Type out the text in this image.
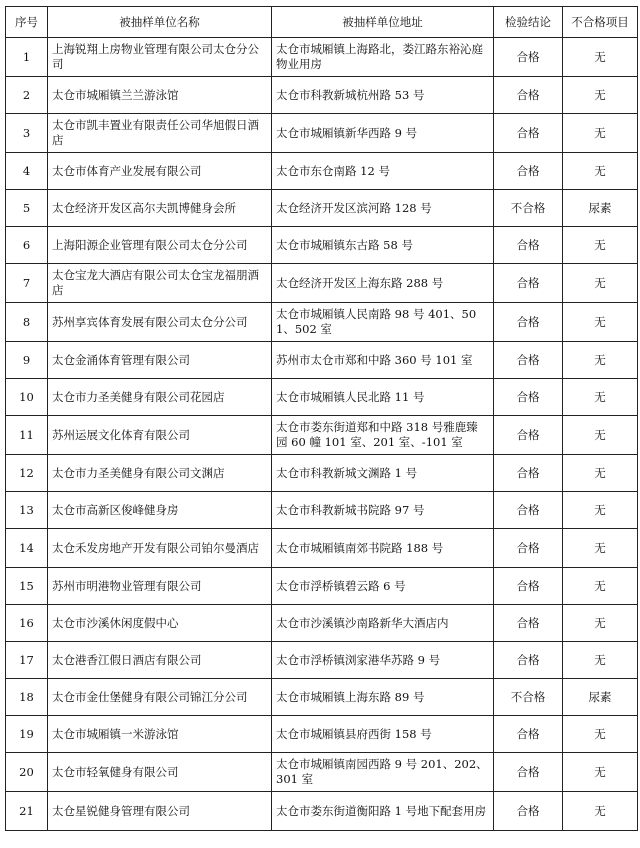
序号	被抽样单位名称	被抽样单位地址	检验结论	不合格项目
1	上海锐翔上房物业管理有限公司太仓分公司	太仓市城厢镇上海路北，娄江路东裕沁庭物业用房	合格	无
2	太仓市城厢镇兰兰游泳馆	太仓市科教新城杭州路 53 号	合格	无
3	太仓市凯丰置业有限责任公司华旭假日酒店	太仓市城厢镇新华西路 9 号	合格	无
4	太仓市体育产业发展有限公司	太仓市东仓南路 12 号	合格	无
5	太仓经济开发区高尔夫凯博健身会所	太仓经济开发区滨河路 128 号	不合格	尿素
6	上海阳源企业管理有限公司太仓分公司	太仓市城厢镇东古路 58 号	合格	无
7	太仓宝龙大酒店有限公司太仓宝龙福朋酒店	太仓经济开发区上海东路 288 号	合格	无
8	苏州享宾体育发展有限公司太仓分公司	太仓市城厢镇人民南路 98 号 401、501、502 室	合格	无
9	太仓金涌体育管理有限公司	苏州市太仓市郑和中路 360 号 101 室	合格	无
10	太仓市力圣美健身有限公司花园店	太仓市城厢镇人民北路 11 号	合格	无
11	苏州运展文化体育有限公司	太仓市娄东街道郑和中路 318 号雅鹿臻园 60 幢 101 室、201 室、-101 室	合格	无
12	太仓市力圣美健身有限公司文渊店	太仓市科教新城文渊路 1 号	合格	无
13	太仓市高新区俊峰健身房	太仓市科教新城书院路 97 号	合格	无
14	太仓禾发房地产开发有限公司铂尔曼酒店	太仓市城厢镇南郊书院路 188 号	合格	无
15	苏州市明港物业管理有限公司	太仓市浮桥镇碧云路 6 号	合格	无
16	太仓市沙溪休闲度假中心	太仓市沙溪镇沙南路新华大酒店内	合格	无
17	太仓港香江假日酒店有限公司	太仓市浮桥镇浏家港华苏路 9 号	合格	无
18	太仓市金仕堡健身有限公司锦江分公司	太仓市城厢镇上海东路 89 号	不合格	尿素
19	太仓市城厢镇一米游泳馆	太仓市城厢镇县府西街 158 号	合格	无
20	太仓市轻氧健身有限公司	太仓市城厢镇南园西路 9 号 201、202、301 室	合格	无
21	太仓星锐健身管理有限公司	太仓市娄东街道衡阳路 1 号地下配套用房	合格	无
